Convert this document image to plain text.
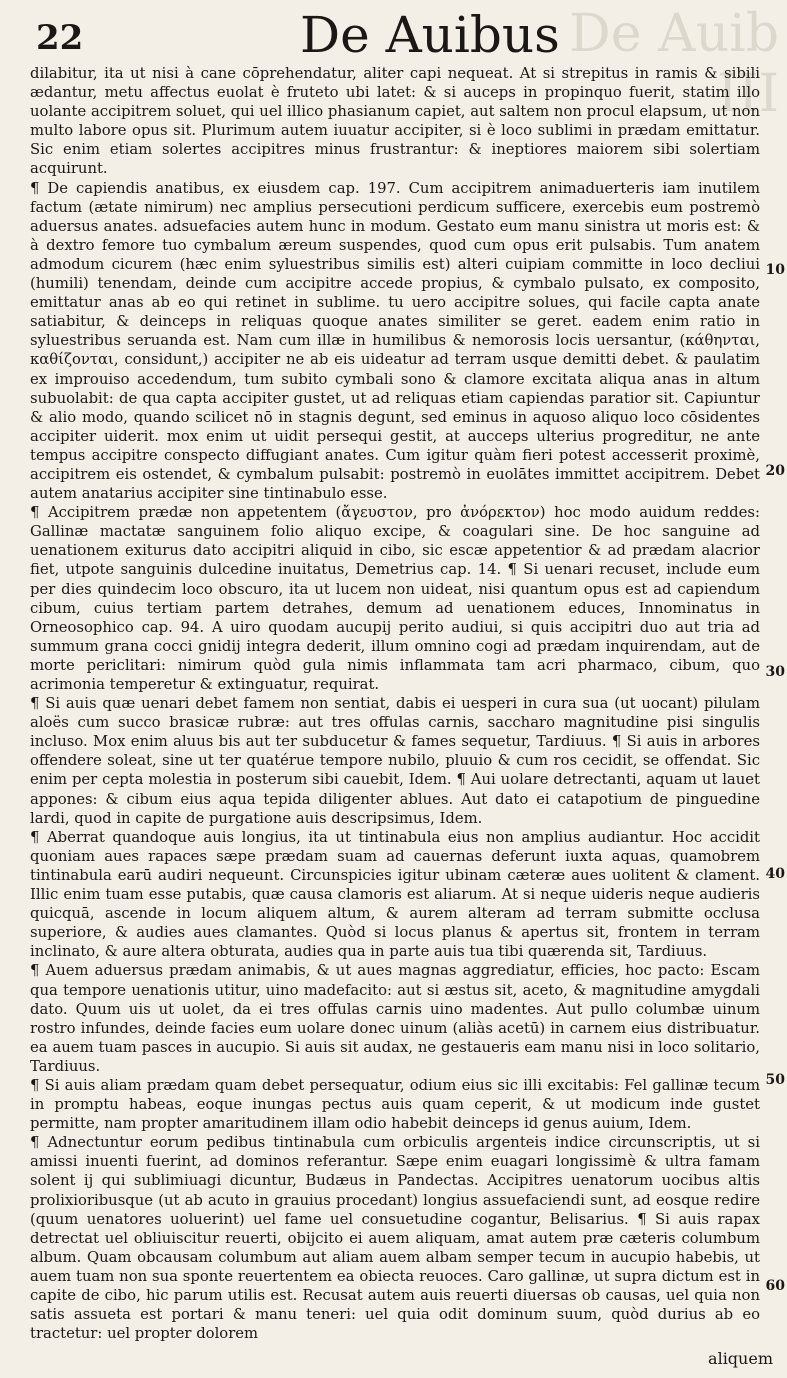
De Auib III
22	De Auibus

dilabitur, ita ut nisi à cane cōprehendatur, aliter capi nequeat. At si strepitus in ramis & sibili ædantur, metu affectus euolat è fruteto ubi latet: & si auceps in propinquo fuerit, statim illo uolante accipitrem soluet, qui uel illico phasianum capiet, aut saltem non procul elapsum, ut non multo labore opus sit. Plurimum autem iuuatur accipiter, si è loco sublimi in prædam emittatur. Sic enim etiam solertes accipitres minus frustrantur: & ineptiores maiorem sibi solertiam acquirunt.

¶ De capiendis anatibus, ex eiusdem cap. 197. Cum accipitrem animaduerteris iam inutilem factum (ætate nimirum) nec amplius persecutioni perdicum sufficere, exercebis eum postremò aduersus anates. adsuefacies autem hunc in modum. Gestato eum manu sinistra ut moris est: & à dextro femore tuo cymbalum æreum suspendes, quod cum opus erit pulsabis. Tum anatem admodum cicurem (hæc enim syluestribus similis est) alteri cuipiam committe in loco decliui (humili) tenendam, deinde cum accipitre accede propius, & cymbalo pulsato, ex composito, emittatur anas ab eo qui retinet in sublime. tu uero accipitre solues, qui facile capta anate satiabitur, & deinceps in reliquas quoque anates similiter se geret. eadem enim ratio in syluestribus seruanda est. Nam cum illæ in humilibus & nemorosis locis uersantur, (κάθηνται, καθίζονται, considunt,) accipiter ne ab eis uideatur ad terram usque demitti debet. & paulatim ex improuiso accedendum, tum subito cymbali sono & clamore excitata aliqua anas in altum subuolabit: de qua capta accipiter gustet, ut ad reliquas etiam capiendas paratior sit. Capiuntur & alio modo, quando scilicet nō in stagnis degunt, sed eminus in aquoso aliquo loco cōsidentes accipiter uiderit. mox enim ut uidit persequi gestit, at aucceps ulterius progreditur, ne ante tempus accipitre conspecto diffugiant anates. Cum igitur quàm fieri potest accesserit proximè, accipitrem eis ostendet, & cymbalum pulsabit: postremò in euolātes immittet accipitrem. Debet autem anatarius accipiter sine tintinabulo esse.

¶ Accipitrem prædæ non appetentem (ἄγευστον, pro ἀνόρεκτον) hoc modo auidum reddes: Gallinæ mactatæ sanguinem folio aliquo excipe, & coagulari sine. De hoc sanguine ad uenationem exiturus dato accipitri aliquid in cibo, sic escæ appetentior & ad prædam alacrior fiet, utpote sanguinis dulcedine inuitatus, Demetrius cap. 14. ¶ Si uenari recuset, include eum per dies quindecim loco obscuro, ita ut lucem non uideat, nisi quantum opus est ad capiendum cibum, cuius tertiam partem detrahes, demum ad uenationem educes, Innominatus in Orneosophico cap. 94. A uiro quodam aucupij perito audiui, si quis accipitri duo aut tria ad summum grana cocci gnidij integra dederit, illum omnino cogi ad prædam inquirendam, aut de morte periclitari: nimirum quòd gula nimis inflammata tam acri pharmaco, cibum, quo acrimonia temperetur & extinguatur, requirat.

¶ Si auis quæ uenari debet famem non sentiat, dabis ei uesperi in cura sua (ut uocant) pilulam aloës cum succo brasicæ rubræ: aut tres offulas carnis, saccharo magnitudine pisi singulis incluso. Mox enim aluus bis aut ter subducetur & fames sequetur, Tardiuus. ¶ Si auis in arbores offendere soleat, sine ut ter quatérue tempore nubilo, pluuio & cum ros cecidit, se offendat. Sic enim per cepta molestia in posterum sibi cauebit, Idem. ¶ Aui uolare detrectanti, aquam ut lauet appones: & cibum eius aqua tepida diligenter ablues. Aut dato ei catapotium de pinguedine lardi, quod in capite de purgatione auis descripsimus, Idem.

¶ Aberrat quandoque auis longius, ita ut tintinabula eius non amplius audiantur. Hoc accidit quoniam aues rapaces sæpe prædam suam ad cauernas deferunt iuxta aquas, quamobrem tintinabula earū audiri nequeunt. Circunspicies igitur ubinam cæteræ aues uolitent & clament. Illic enim tuam esse putabis, quæ causa clamoris est aliarum. At si neque uideris neque audieris quicquā, ascende in locum aliquem altum, & aurem alteram ad terram submitte occlusa superiore, & audies aues clamantes. Quòd si locus planus & apertus sit, frontem in terram inclinato, & aure altera obturata, audies qua in parte auis tua tibi quærenda sit, Tardiuus.

¶ Auem aduersus prædam animabis, & ut aues magnas aggrediatur, efficies, hoc pacto: Escam qua tempore uenationis utitur, uino madefacito: aut si æstus sit, aceto, & magnitudine amygdali dato. Quum uis ut uolet, da ei tres offulas carnis uino madentes. Aut pullo columbæ uinum rostro infundes, deinde facies eum uolare donec uinum (aliàs acetū) in carnem eius distribuatur. ea auem tuam pasces in aucupio. Si auis sit audax, ne gestaueris eam manu nisi in loco solitario, Tardiuus.

¶ Si auis aliam prædam quam debet persequatur, odium eius sic illi excitabis: Fel gallinæ tecum in promptu habeas, eoque inungas pectus auis quam ceperit, & ut modicum inde gustet permitte, nam propter amaritudinem illam odio habebit deinceps id genus auium, Idem.

¶ Adnectuntur eorum pedibus tintinabula cum orbiculis argenteis indice circunscriptis, ut si amissi inuenti fuerint, ad dominos referantur. Sæpe enim euagari longissimè & ultra famam solent ij qui sublimiuagi dicuntur, Budæus in Pandectas. Accipitres uenatorum uocibus altis prolixioribusque (ut ab acuto in grauius procedant) longius assuefaciendi sunt, ad eosque redire (quum uenatores uoluerint) uel fame uel consuetudine cogantur, Belisarius. ¶ Si auis rapax detrectat uel obliuiscitur reuerti, obijcito ei auem aliquam, amat autem præ cæteris columbum album. Quam obcausam columbum aut aliam auem albam semper tecum in aucupio habebis, ut auem tuam non sua sponte reuertentem ea obiecta reuoces. Caro gallinæ, ut supra dictum est in capite de cibo, hic parum utilis est. Recusat autem auis reuerti diuersas ob causas, uel quia non satis assueta est portari & manu teneri: uel quia odit dominum suum, quòd durius ab eo tractetur: uel propter dolorem

10
20
30
40
50
60
aliquem
